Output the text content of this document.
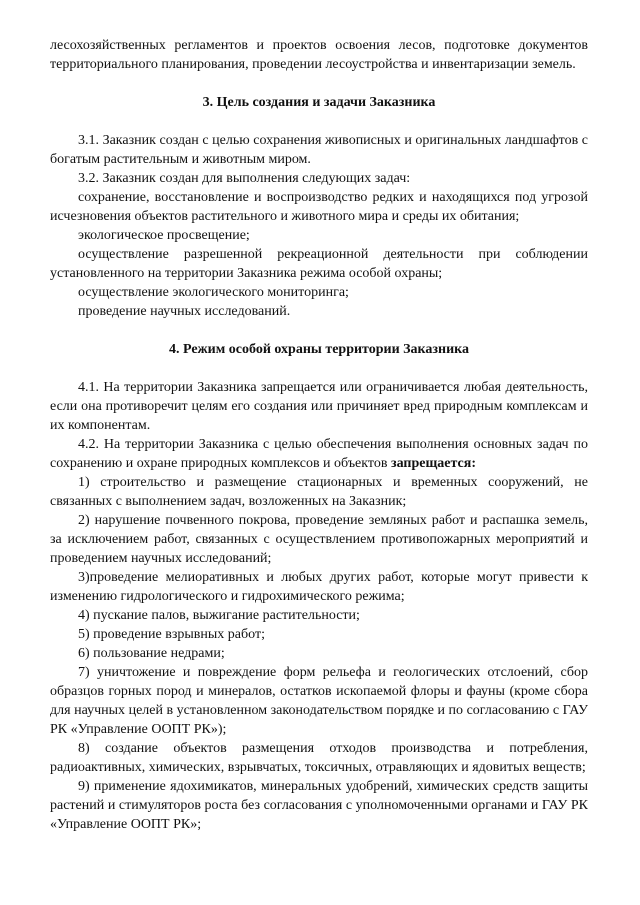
лесохозяйственных регламентов и проектов освоения лесов, подготовке документов территориального планирования, проведении лесоустройства и инвентаризации земель.

3. Цель создания и задачи Заказника

3.1. Заказник создан с целью сохранения живописных и оригинальных ландшафтов с богатым растительным и животным миром.

3.2. Заказник создан для выполнения следующих задач:

сохранение, восстановление и воспроизводство редких и находящихся под угрозой исчезновения объектов растительного и животного мира и среды их обитания;

экологическое просвещение;

осуществление разрешенной рекреационной деятельности при соблюдении установленного на территории Заказника режима особой охраны;

осуществление экологического мониторинга;

проведение научных исследований.

4. Режим особой охраны территории Заказника

4.1. На территории Заказника запрещается или ограничивается любая деятельность, если она противоречит целям его создания или причиняет вред природным комплексам и их компонентам.

4.2. На территории Заказника с целью обеспечения выполнения основных задач по сохранению и охране природных комплексов и объектов запрещается:

1) строительство и размещение стационарных и временных сооружений, не связанных с выполнением задач, возложенных на Заказник;

2) нарушение почвенного покрова, проведение земляных работ и распашка земель, за исключением работ, связанных с осуществлением противопожарных мероприятий и проведением научных исследований;

3)проведение мелиоративных и любых других работ, которые могут привести к изменению гидрологического и гидрохимического режима;

4) пускание палов, выжигание растительности;

5) проведение взрывных работ;

6) пользование недрами;

7) уничтожение и повреждение форм рельефа и геологических отслоений, сбор образцов горных пород и минералов, остатков ископаемой флоры и фауны (кроме сбора для научных целей в установленном законодательством порядке и по согласованию с ГАУ РК «Управление ООПТ РК»);

8) создание объектов размещения отходов производства и потребления, радиоактивных, химических, взрывчатых, токсичных, отравляющих и ядовитых веществ;

9) применение ядохимикатов, минеральных удобрений, химических средств защиты растений и стимуляторов роста без согласования с уполномоченными органами и ГАУ РК «Управление ООПТ РК»;
